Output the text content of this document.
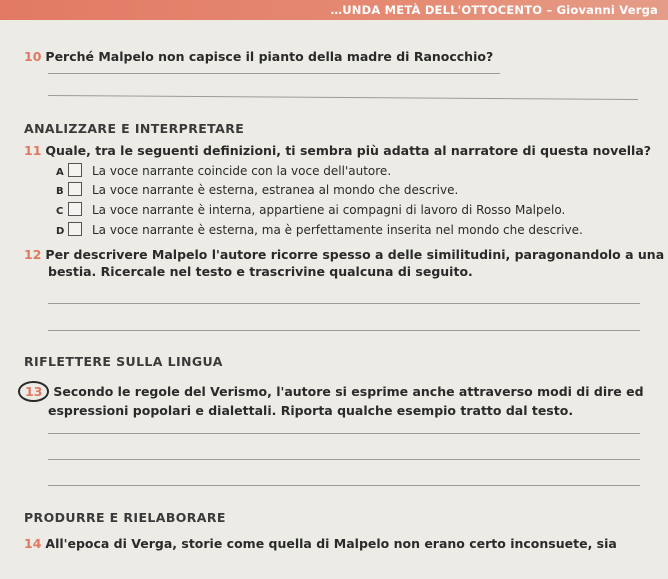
…UNDA METÀ DELL'OTTOCENTO – Giovanni Verga
10 Perché Malpelo non capisce il pianto della madre di Ranocchio?
ANALIZZARE E INTERPRETARE
11 Quale, tra le seguenti definizioni, ti sembra più adatta al narratore di questa novella?
A La voce narrante coincide con la voce dell'autore.
B La voce narrante è esterna, estranea al mondo che descrive.
C La voce narrante è interna, appartiene ai compagni di lavoro di Rosso Malpelo.
D La voce narrante è esterna, ma è perfettamente inserita nel mondo che descrive.
12 Per descrivere Malpelo l'autore ricorre spesso a delle similitudini, paragonandolo a una
bestia. Ricercale nel testo e trascrivine qualcuna di seguito.
RIFLETTERE SULLA LINGUA
13 Secondo le regole del Verismo, l'autore si esprime anche attraverso modi di dire ed
espressioni popolari e dialettali. Riporta qualche esempio tratto dal testo.
PRODURRE E RIELABORARE
14 All'epoca di Verga, storie come quella di Malpelo non erano certo inconsuete, sia
